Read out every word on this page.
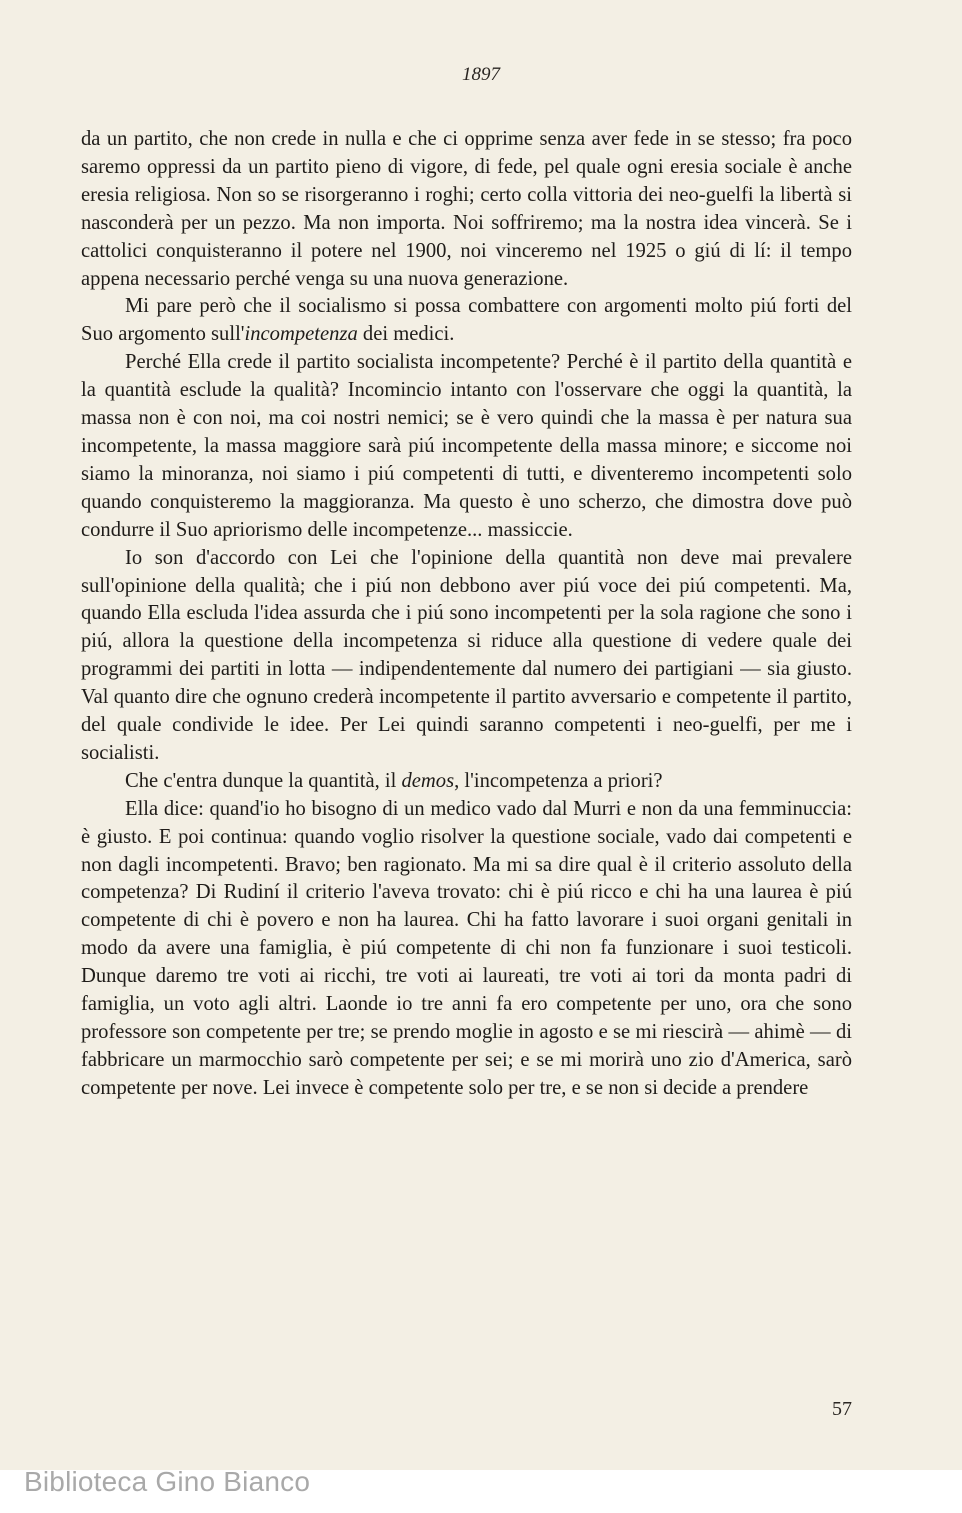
1897

da un partito, che non crede in nulla e che ci opprime senza aver fede in se stesso; fra poco saremo oppressi da un partito pieno di vigore, di fede, pel quale ogni eresia sociale è anche eresia religiosa. Non so se risorgeranno i roghi; certo colla vittoria dei neo-guelfi la libertà si nasconderà per un pezzo. Ma non importa. Noi soffriremo; ma la nostra idea vincerà. Se i cattolici conquisteranno il potere nel 1900, noi vinceremo nel 1925 o giú di lí: il tempo appena necessario perché venga su una nuova generazione.

Mi pare però che il socialismo si possa combattere con argomenti molto piú forti del Suo argomento sull'incompetenza dei medici.

Perché Ella crede il partito socialista incompetente? Perché è il partito della quantità e la quantità esclude la qualità? Incomincio intanto con l'osservare che oggi la quantità, la massa non è con noi, ma coi nostri nemici; se è vero quindi che la massa è per natura sua incompetente, la massa maggiore sarà piú incompetente della massa minore; e siccome noi siamo la minoranza, noi siamo i piú competenti di tutti, e diventeremo incompetenti solo quando conquisteremo la maggioranza. Ma questo è uno scherzo, che dimostra dove può condurre il Suo apriorismo delle incompetenze... massicciе.

Io son d'accordo con Lei che l'opinione della quantità non deve mai prevalere sull'opinione della qualità; che i piú non debbono aver piú voce dei piú competenti. Ma, quando Ella escluda l'idea assurda che i piú sono incompetenti per la sola ragione che sono i piú, allora la questione della incompetenza si riduce alla questione di vedere quale dei programmi dei partiti in lotta — indipendentemente dal numero dei partigiani — sia giusto. Val quanto dire che ognuno crederà incompetente il partito avversario e competente il partito, del quale condivide le idee. Per Lei quindi saranno competenti i neo-guelfi, per me i socialisti.

Che c'entra dunque la quantità, il demos, l'incompetenza a priori?

Ella dice: quand'io ho bisogno di un medico vado dal Murri e non da una femminuccia: è giusto. E poi continua: quando voglio risolver la questione sociale, vado dai competenti e non dagli incompetenti. Bravo; ben ragionato. Ma mi sa dire qual è il criterio assoluto della competenza? Di Rudiní il criterio l'aveva trovato: chi è piú ricco e chi ha una laurea è piú competente di chi è povero e non ha laurea. Chi ha fatto lavorare i suoi organi genitali in modo da avere una famiglia, è piú competente di chi non fa funzionare i suoi testicoli. Dunque daremo tre voti ai ricchi, tre voti ai laureati, tre voti ai tori da monta padri di famiglia, un voto agli altri. Laonde io tre anni fa ero competente per uno, ora che sono professore son competente per tre; se prendo moglie in agosto e se mi riescirà — ahimè — di fabbricare un marmocchio sarò competente per sei; e se mi morirà uno zio d'America, sarò competente per nove. Lei invece è competente solo per tre, e se non si decide a prendere

57
Biblioteca Gino Bianco
